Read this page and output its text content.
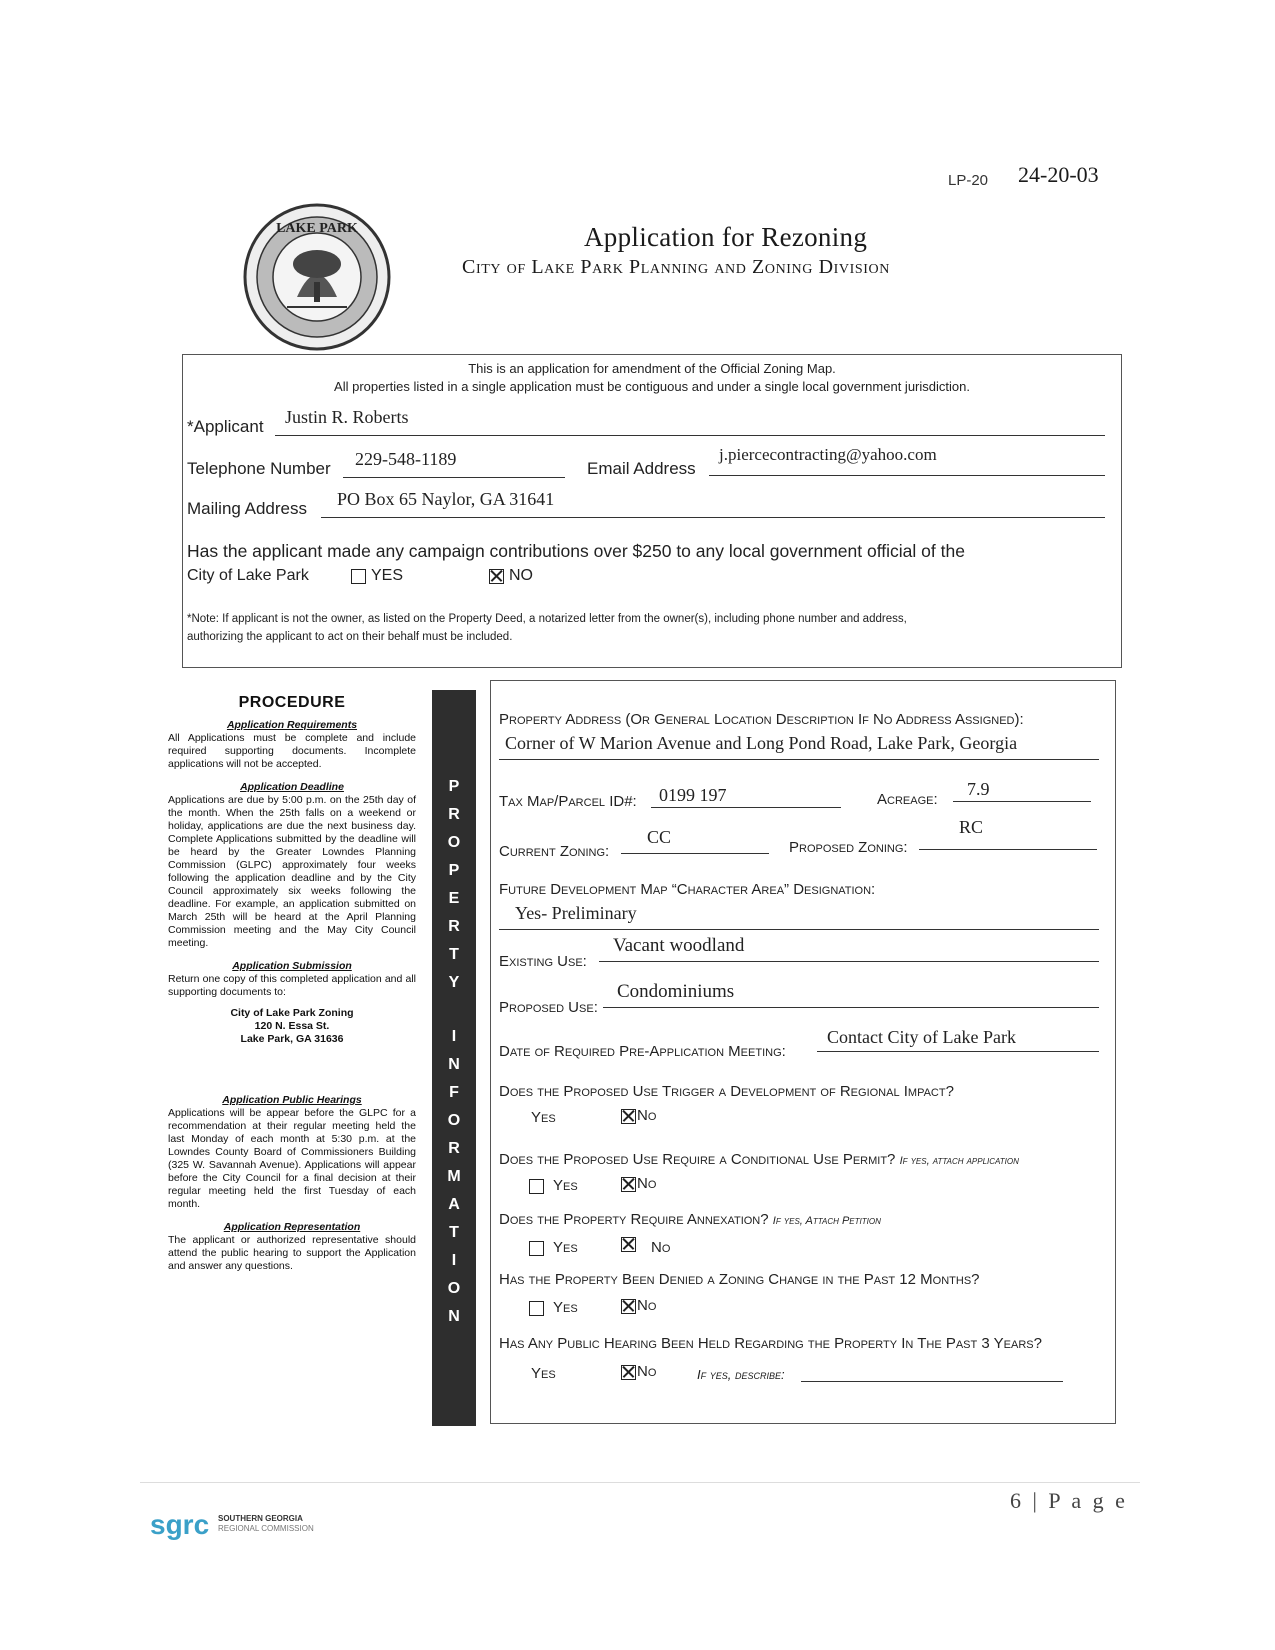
LP-20 24-20-03
LAKE PARK	Application for Rezoning
City of Lake Park Planning and Zoning Division
This is an application for amendment of the Official Zoning Map.
All properties listed in a single application must be contiguous and under a single local government jurisdiction.
*Applicant Justin R. Roberts
Telephone Number 229-548-1189	Email Address
j.piercecontracting@yahoo.com
Mailing Address PO Box 65 Naylor, GA 31641
Has the applicant made any campaign contributions over $250 to any local government official of the
City of Lake Park	YES	NO
*Note: If applicant is not the owner, as listed on the Property Deed, a notarized letter from the owner(s), including phone number and address,
authorizing the applicant to act on their behalf must be included.
PROCEDURE
Application Requirements
All Applications must be complete and include required supporting documents. Incomplete applications will not be accepted.
Application Deadline
Applications are due by 5:00 p.m. on the 25th day of the month. When the 25th falls on a weekend or holiday, applications are due the next business day. Complete Applications submitted by the deadline will be heard by the Greater Lowndes Planning Commission (GLPC) approximately four weeks following the application deadline and by the City Council approximately six weeks following the deadline. For example, an application submitted on March 25th will be heard at the April Planning Commission meeting and the May City Council meeting.
Application Submission
Return one copy of this completed application and all supporting documents to:
City of Lake Park Zoning
120 N. Essa St.
Lake Park, GA 31636
Application Public Hearings
Applications will be appear before the GLPC for a recommendation at their regular meeting held the last Monday of each month at 5:30 p.m. at the Lowndes County Board of Commissioners Building (325 W. Savannah Avenue). Applications will appear before the City Council for a final decision at their regular meeting held the first Tuesday of each month.
Application Representation
The applicant or authorized representative should attend the public hearing to support the Application and answer any questions.
P
R
O
P
E
R
T
Y
I
N
F
O
R
M
A
T
I
O
N
Property Address (Or General Location Description If No Address Assigned):
Corner of W Marion Avenue and Long Pond Road, Lake Park, Georgia
Tax Map/Parcel ID#: 0199 197	Acreage:
7.9
Current Zoning:
CC
Proposed Zoning:
RC
Future Development Map “Character Area” Designation:
Yes- Preliminary
Existing Use:
Vacant woodland
Proposed Use:
Condominiums
Date of Required Pre-Application Meeting:
Contact City of Lake Park
Does the Proposed Use Trigger a Development of Regional Impact?
Yes	No
Does the Proposed Use Require a Conditional Use Permit? If yes, attach application
Yes	No
Does the Property Require Annexation? If yes, Attach Petition
Yes	No
Has the Property Been Denied a Zoning Change in the Past 12 Months?
Yes	No
Has Any Public Hearing Been Held Regarding the Property In The Past 3 Years?
Yes	No	If yes, describe:
6 | P a g e
sgrc SOUTHERN GEORGIA
REGIONAL COMMISSION
